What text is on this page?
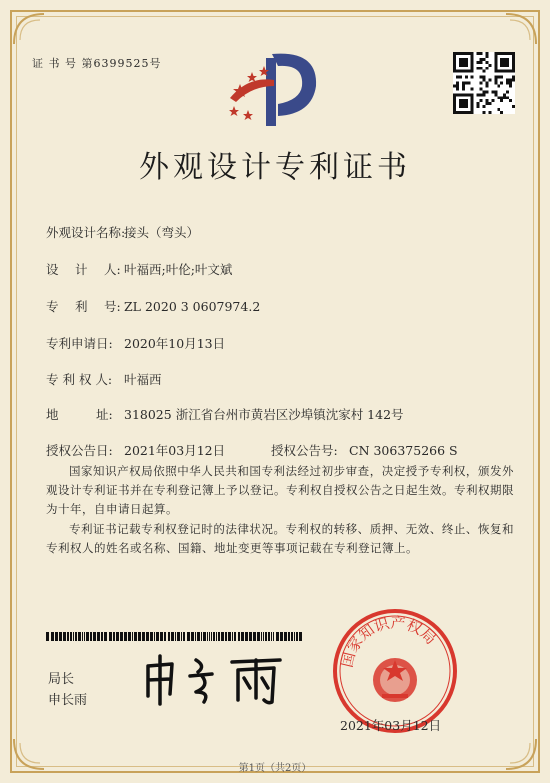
证 书 号 第6399525号
外观设计专利证书
外观设计名称:接头（弯头）
设　 计　 人: 叶福西;叶伦;叶文斌
专　 利　 号: ZL 2020 3 0607974.2
专利申请日: 2020年10月13日
专 利 权 人: 叶福西
地　　　址: 318025 浙江省台州市黄岩区沙埠镇沈家村 142号
授权公告日: 2021年03月12日	授权公告号: CN 306375266 S
国家知识产权局依照中华人民共和国专利法经过初步审查，决定授予专利权，颁发外观设计专利证书并在专利登记簿上予以登记。专利权自授权公告之日起生效。专利权期限为十年，自申请日起算。
专利证书记载专利权登记时的法律状况。专利权的转移、质押、无效、终止、恢复和专利权人的姓名或名称、国籍、地址变更等事项记载在专利登记簿上。
局长
申长雨
国家知识产权局
2021年03月12日
第1页（共2页）
